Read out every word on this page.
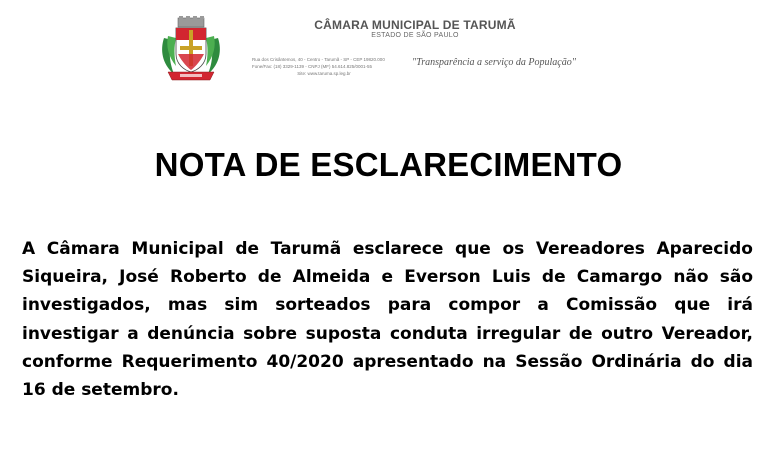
CÂMARA MUNICIPAL DE TARUMÃ
ESTADO DE SÃO PAULO
Rua dos Crisântemos, 40 - Centro - Tarumã - SP - CEP 19820.000
Fone/Fax: (18) 3329-1139 - CNPJ (MF) 54.614.825/0001-55

Site: www.taruma.sp.leg.br
"Transparência a serviço da População"
NOTA DE ESCLARECIMENTO

A Câmara Municipal de Tarumã esclarece que os Vereadores Aparecido Siqueira, José Roberto de Almeida e Everson Luis de Camargo não são investigados, mas sim sorteados para compor a Comissão que irá investigar a denúncia sobre suposta conduta irregular de outro Vereador, conforme Requerimento 40/2020 apresentado na Sessão Ordinária do dia 16 de setembro.
